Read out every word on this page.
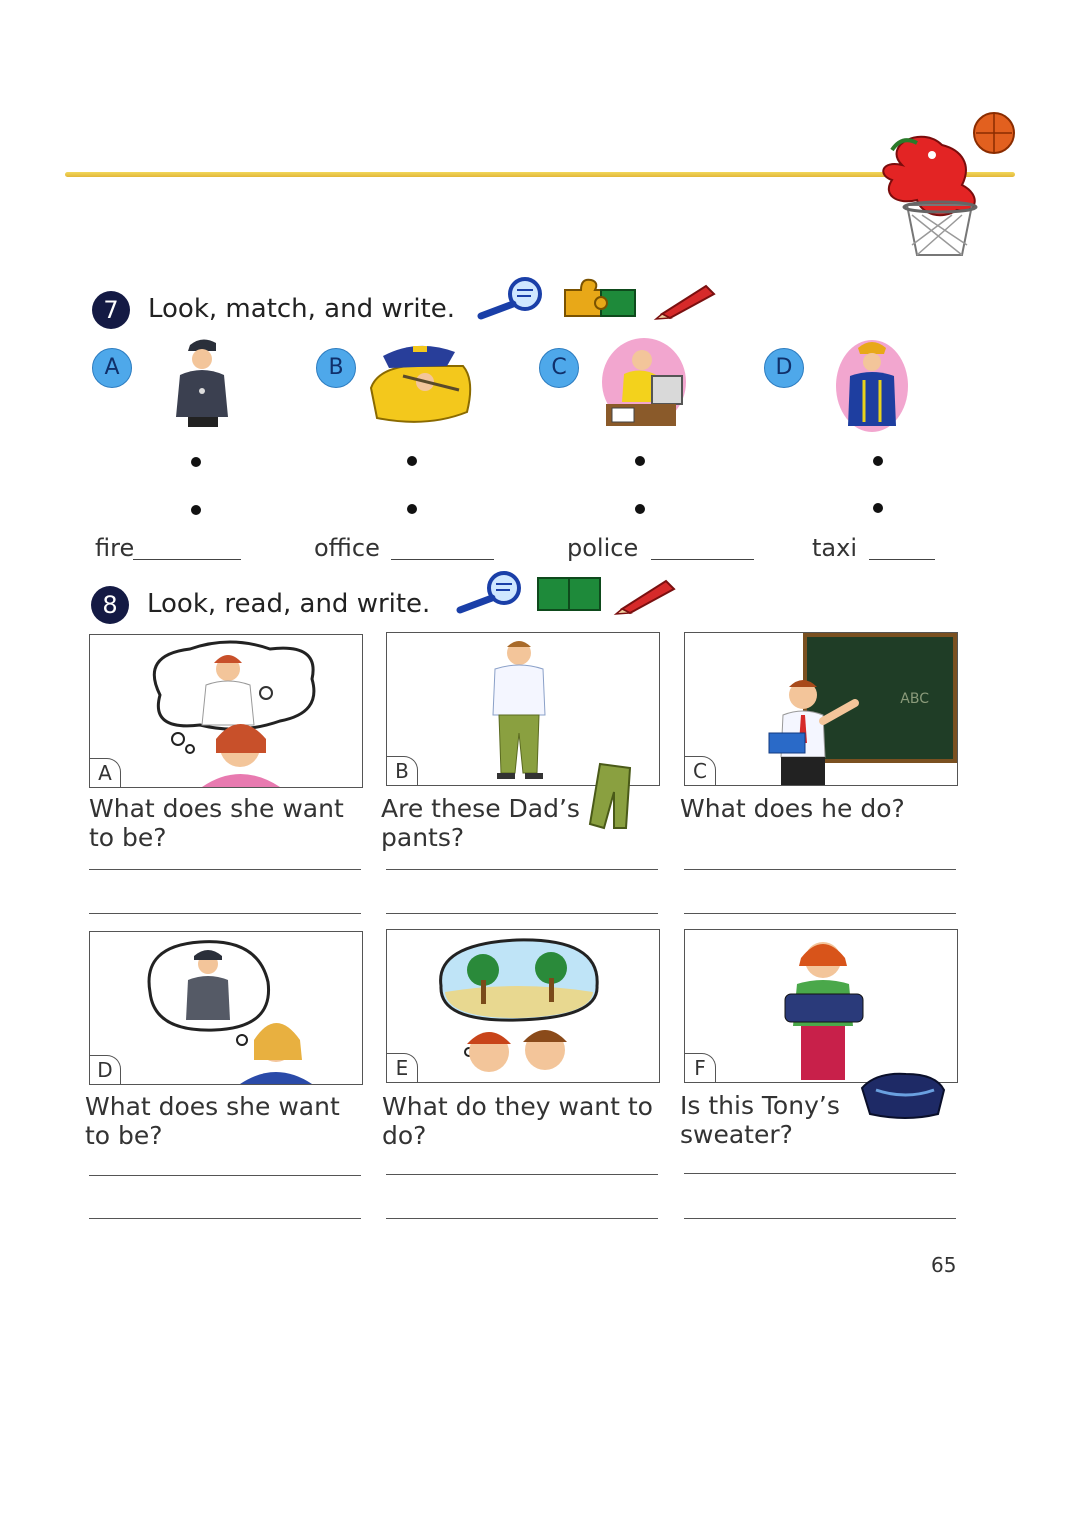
7	Look, match, and write.
A	B	C	D
fire	office	police	taxi
8	Look, read, and write.
A
What does she want to be?
B
Are these Dad’s pants?
ABC
C
What does he do?
D
What does she want to be?
E
What do they want to do?
F
Is this Tony’s sweater?
65
